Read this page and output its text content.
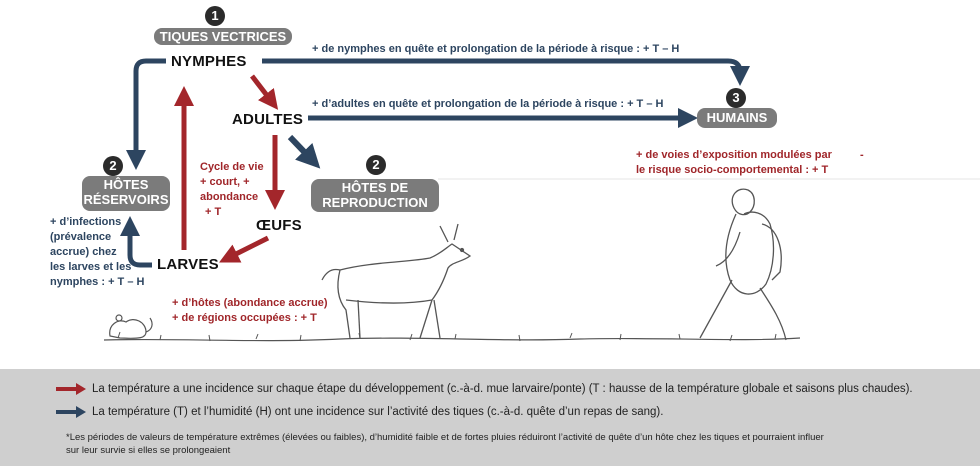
1
TIQUES VECTRICES
NYMPHES
ADULTES
ŒUFS
LARVES
2
HÔTES
RÉSERVOIRS
2
HÔTES DE
REPRODUCTION
3
HUMAINS
+ de nymphes en quête et prolongation de la période à risque : + T – H
+ d’adultes en quête et prolongation de la période à risque : + T – H
Cycle de vie
+ court, +
abondance
+ T
+ d’infections
(prévalence
accrue) chez
les larves et les
nymphes : + T – H
+ d’hôtes (abondance accrue)
+ de régions occupées : + T
+ de voies d’exposition modulées par
le risque socio-comportemental : + T
-
La température a une incidence sur chaque étape du développement (c.-à-d. mue larvaire/ponte) (T : hausse de la température globale et saisons plus chaudes).
La température (T) et l’humidité (H) ont une incidence sur l’activité des tiques (c.-à-d. quête d’un repas de sang).
*Les périodes de valeurs de température extrêmes (élevées ou faibles), d’humidité faible et de fortes pluies réduiront l’activité de quête d’un hôte chez les tiques et pourraient influer
sur leur survie si elles se prolongeaient
